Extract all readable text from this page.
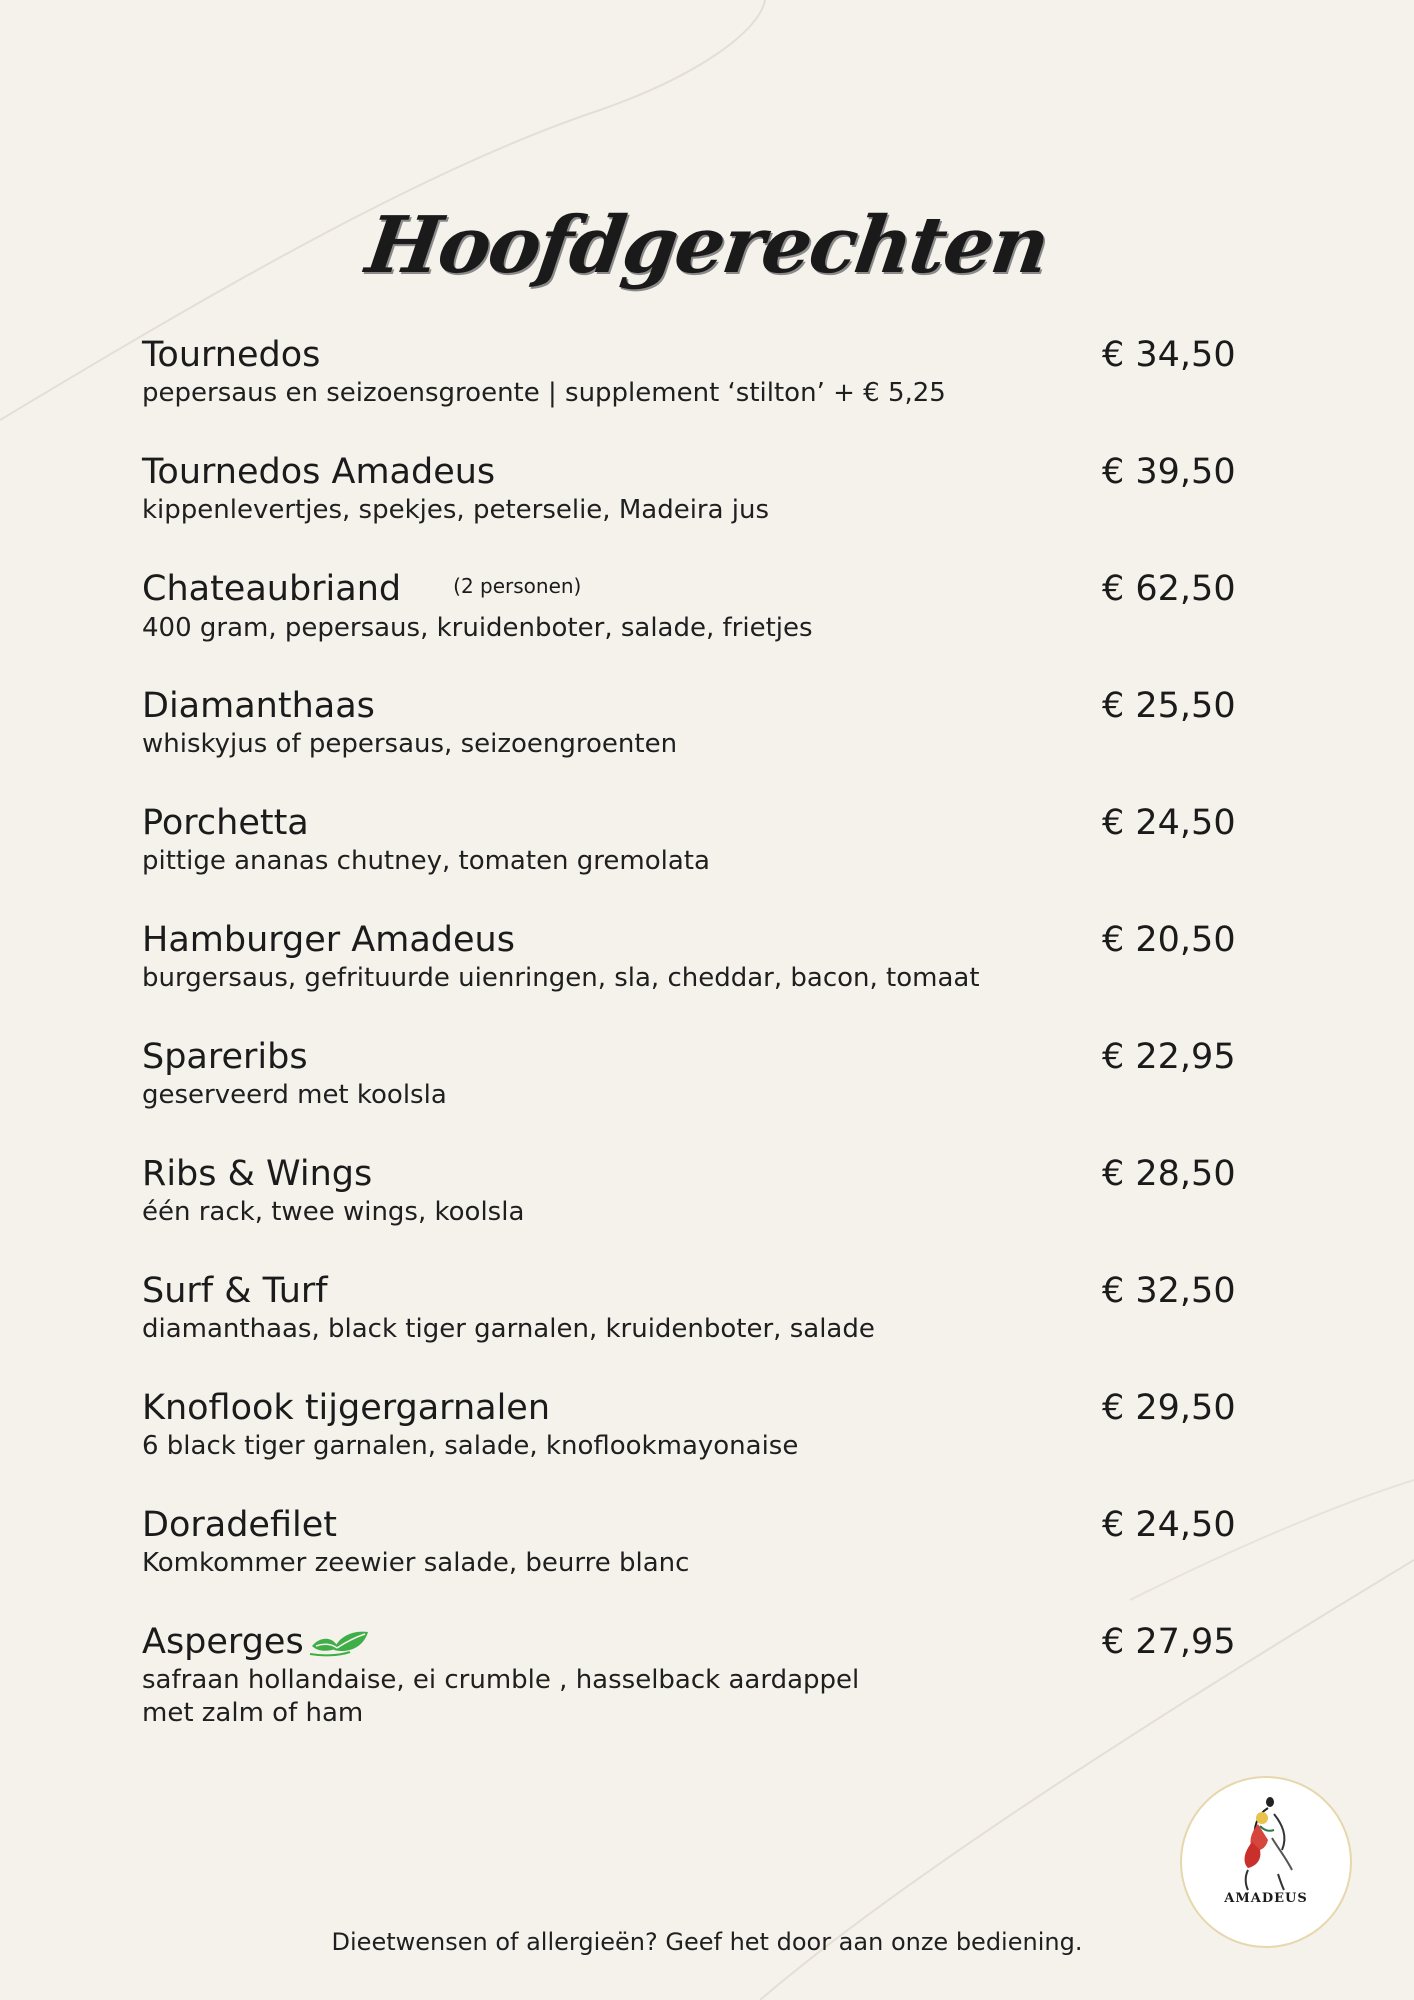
Hoofdgerechten
Tournedos
pepersaus en seizoensgroente | supplement ‘stilton’ + € 5,25
€ 34,50
Tournedos Amadeus
kippenlevertjes, spekjes, peterselie, Madeira jus
€ 39,50
Chateaubriand	(2 personen)
400 gram, pepersaus, kruidenboter, salade, frietjes
€ 62,50
Diamanthaas
whiskyjus of pepersaus, seizoengroenten
€ 25,50
Porchetta
pittige ananas chutney, tomaten gremolata
€ 24,50
Hamburger Amadeus
burgersaus, gefrituurde uienringen, sla, cheddar, bacon, tomaat
€ 20,50
Spareribs
geserveerd met koolsla
€ 22,95
Ribs & Wings
één rack, twee wings, koolsla
€ 28,50
Surf & Turf
diamanthaas, black tiger garnalen, kruidenboter, salade
€ 32,50
Knoflook tijgergarnalen
6 black tiger garnalen, salade, knoflookmayonaise
€ 29,50
Doradefilet
Komkommer zeewier salade, beurre blanc
€ 24,50
Asperges
safraan hollandaise, ei crumble , hasselback aardappel
met zalm of ham
€ 27,95
AMADEUS
Dieetwensen of allergieën? Geef het door aan onze bediening.
